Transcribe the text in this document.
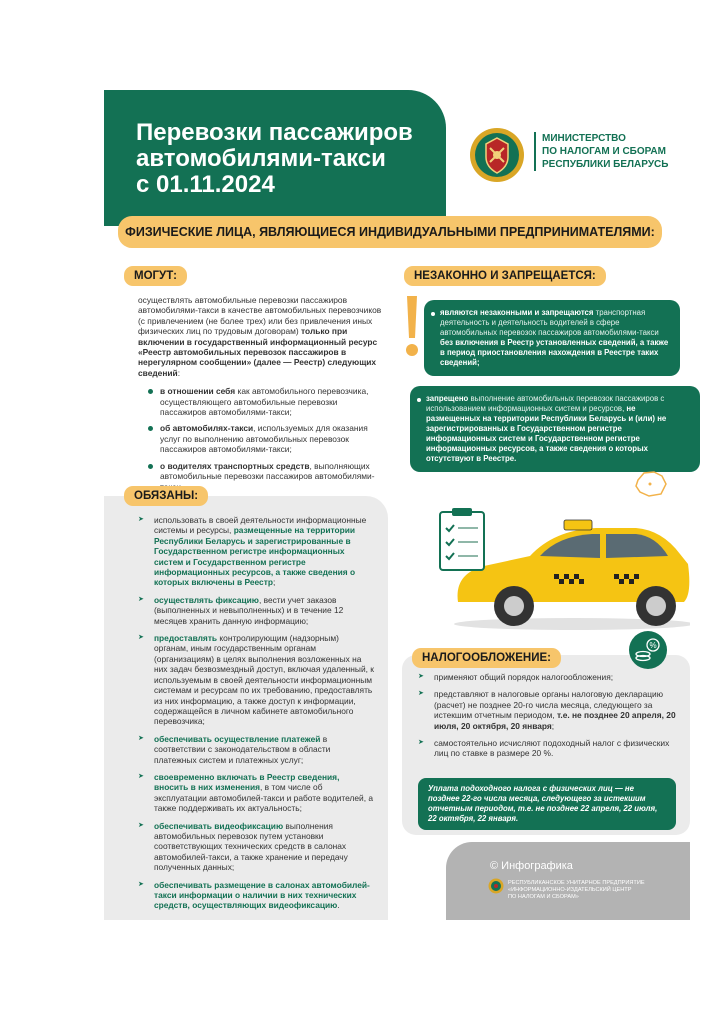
Перевозки пассажиров
автомобилями-такси
с 01.11.2024
МИНИСТЕРСТВО
ПО НАЛОГАМ И СБОРАМ
РЕСПУБЛИКИ БЕЛАРУСЬ
ФИЗИЧЕСКИЕ ЛИЦА, ЯВЛЯЮЩИЕСЯ ИНДИВИДУАЛЬНЫМИ ПРЕДПРИНИМАТЕЛЯМИ:
МОГУТ:

осуществлять автомобильные перевозки пассажиров автомобилями-такси в качестве автомобильных перевозчиков (с привлечением (не более трех) или без привлечения иных физических лиц по трудовым договорам) только при включении в государственный информационный ресурс «Реестр автомобильных перевозок пассажиров в нерегулярном сообщении» (далее — Реестр) следующих сведений:

в отношении себя как автомобильного перевозчика, осуществляющего автомобильные перевозки пассажиров автомобилями-такси;
об автомобилях-такси, используемых для оказания услуг по выполнению автомобильных перевозок пассажиров автомобилями-такси;
о водителях транспортных средств, выполняющих автомобильные перевозки пассажиров автомобилями-
НЕЗАКОННО И ЗАПРЕЩАЕТСЯ:
являются незаконными и запрещаются транспортная деятельность и деятельность водителей в сфере автомобильных перевозок пассажиров автомобилями-такси без включения в Реестр установленных сведений, а также в период приостановления нахождения в Реестре таких сведений;
запрещено выполнение автомобильных перевозок пассажиров с использованием информационных систем и ресурсов, не размещенных на территории Республики Беларусь и (или) не зарегистрированных в Государственном регистре информационных систем и Государственном регистре информационных ресурсов, а также сведения о которых отсутствуют в Реестре.
ОБЯЗАНЫ:
➤ использовать в своей деятельности информационные системы и ресурсы, размещенные на территории Республики Беларусь и зарегистрированные в Государственном регистре информационных систем и Государственном регистре информационных ресурсов, а также сведения о которых включены в Реестр;
➤ осуществлять фиксацию, вести учет заказов (выполненных и невыполненных) и в течение 12 месяцев хранить данную информацию;
➤ предоставлять контролирующим (надзорным) органам, иным государственным органам (организациям) в целях выполнения возложенных на них задач безвозмездный доступ, включая удаленный, к используемым в своей деятельности информационным системам и ресурсам по их требованию, предоставлять из них информацию, а также доступ к информации, содержащейся в личном кабинете автомобильного перевозчика;
➤ обеспечивать осуществление платежей в соответствии с законодательством в области платежных систем и платежных услуг;
➤ своевременно включать в Реестр сведения, вносить в них изменения, в том числе об эксплуатации автомобилей-такси и работе водителей, а также поддерживать их актуальность;
➤ обеспечивать видеофиксацию выполнения автомобильных перевозок путем установки соответствующих технических средств в салонах автомобилей-такси, а также хранение и передачу полученных данных;
➤ обеспечивать размещение в салонах автомобилей-такси информации о наличии в них технических средств, осуществляющих видеофиксацию.
НАЛОГООБЛОЖЕНИЕ:
%
➤ применяют общий порядок налогообложения;
➤ представляют в налоговые органы налоговую декларацию (расчет) не позднее 20-го числа месяца, следующего за истекшим отчетным периодом, т.е. не позднее 20 апреля, 20 июля, 20 октября, 20 января;
➤ самостоятельно исчисляют подоходный налог с физических лиц по ставке в размере 20 %.
Уплата подоходного налога с физических лиц — не позднее 22-го числа месяца, следующего за истекшим отчетным периодом, т.е. не позднее 22 апреля, 22 июля, 22 октября, 22 января.
© Инфографика
РЕСПУБЛИКАНСКОЕ УНИТАРНОЕ ПРЕДПРИЯТИЕ
«ИНФОРМАЦИОННО-ИЗДАТЕЛЬСКИЙ ЦЕНТР
ПО НАЛОГАМ И СБОРАМ»
